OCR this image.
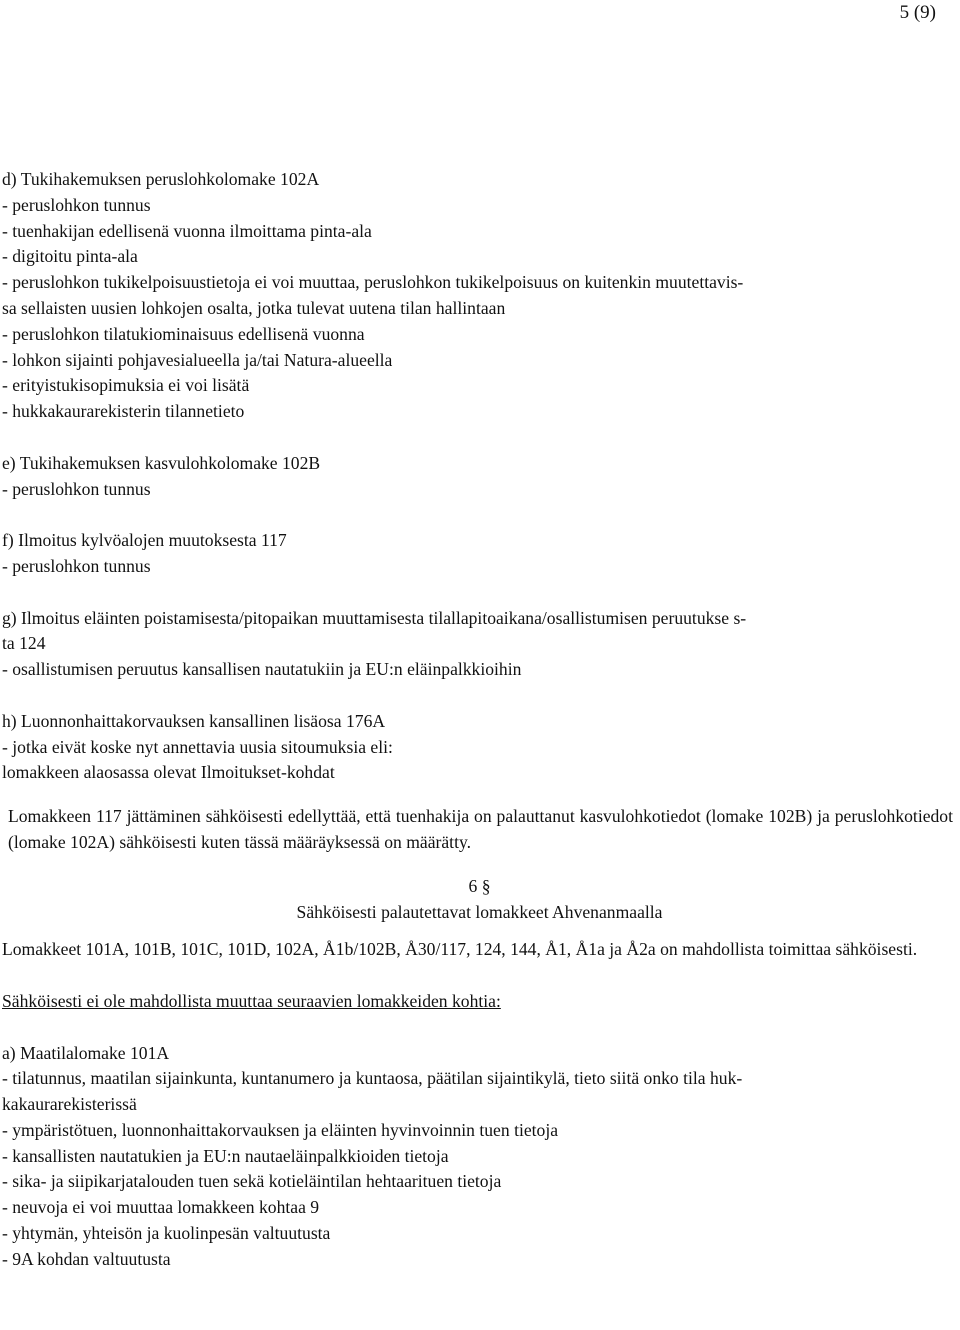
5 (9)
d) Tukihakemuksen peruslohkolomake 102A
- peruslohkon tunnus
- tuenhakijan edellisenä vuonna ilmoittama pinta-ala
- digitoitu pinta-ala
- peruslohkon tukikelpoisuustietoja ei voi muuttaa, peruslohkon tukikelpoisuus on kuitenkin muutettavis-
sa sellaisten uusien lohkojen osalta, jotka tulevat uutena tilan hallintaan
- peruslohkon tilatukiominaisuus edellisenä vuonna
- lohkon sijainti pohjavesialueella ja/tai Natura-alueella
- erityistukisopimuksia ei voi lisätä
- hukkakaurarekisterin tilannetieto
e) Tukihakemuksen kasvulohkolomake 102B
- peruslohkon tunnus
f) Ilmoitus kylvöalojen muutoksesta 117
- peruslohkon tunnus
g) Ilmoitus eläinten poistamisesta/pitopaikan muuttamisesta tilallapitoaikana/osallistumisen peruutukse s-
ta 124
- osallistumisen peruutus kansallisen nautatukiin ja EU:n eläinpalkkioihin
h) Luonnonhaittakorvauksen kansallinen lisäosa 176A
- jotka eivät koske nyt annettavia uusia sitoumuksia eli:
lomakkeen alaosassa olevat Ilmoitukset-kohdat
Lomakkeen 117 jättäminen sähköisesti edellyttää, että tuenhakija on palauttanut kasvulohkotiedot (lomake 102B) ja peruslohkotiedot (lomake 102A) sähköisesti kuten tässä määräyksessä on määrätty.
6 §
Sähköisesti palautettavat lomakkeet Ahvenanmaalla
Lomakkeet 101A, 101B, 101C, 101D, 102A, Å1b/102B, Å30/117, 124, 144, Å1, Å1a ja Å2a on mahdollista toimittaa sähköisesti.
Sähköisesti ei ole mahdollista muuttaa seuraavien lomakkeiden kohtia:
a) Maatilalomake 101A
- tilatunnus, maatilan sijainkunta, kuntanumero ja kuntaosa, päätilan sijaintikylä, tieto siitä onko tila huk-
kakaurarekisterissä
- ympäristötuen, luonnonhaittakorvauksen ja eläinten hyvinvoinnin tuen tietoja
- kansallisten nautatukien ja EU:n nautaeläinpalkkioiden tietoja
- sika- ja siipikarjatalouden tuen sekä kotieläintilan hehtaarituen tietoja
- neuvoja ei voi muuttaa lomakkeen kohtaa 9
- yhtymän, yhteisön ja kuolinpesän valtuutusta
- 9A kohdan valtuutusta
